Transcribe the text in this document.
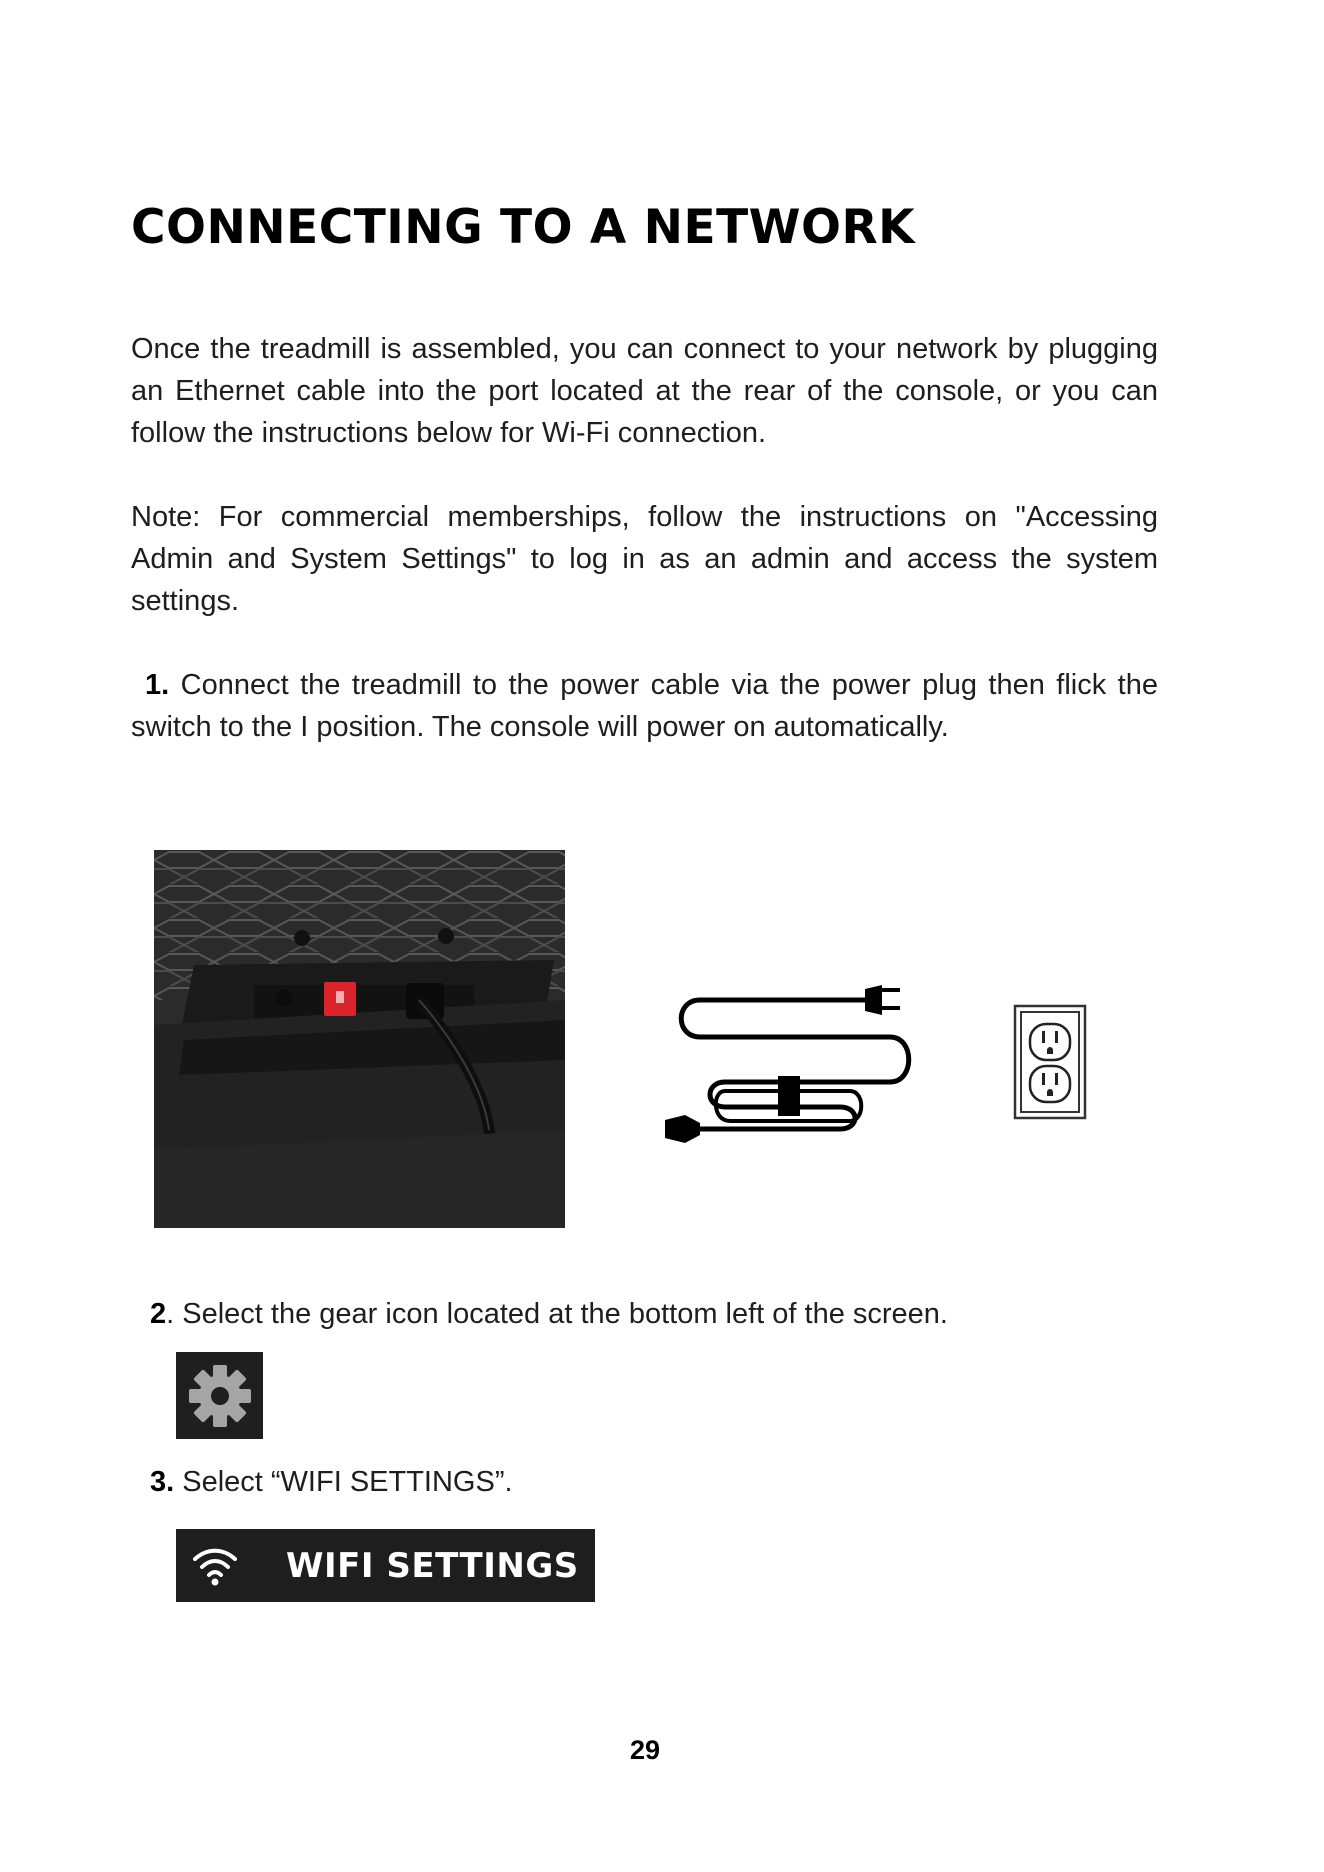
CONNECTING TO A NETWORK

Once the treadmill is assembled, you can connect to your network by plugging an Ethernet cable into the port located at the rear of the console, or you can follow the instructions below for Wi-Fi connection.

Note: For commercial memberships, follow the instructions on "Accessing Admin and System Settings" to log in as an admin and access the system settings.

1. Connect the treadmill to the power cable via the power plug then flick the switch to the I position. The console will power on automatically.

2. Select the gear icon located at the bottom left of the screen.

3. Select “WIFI SETTINGS”.

WIFI SETTINGS

29
